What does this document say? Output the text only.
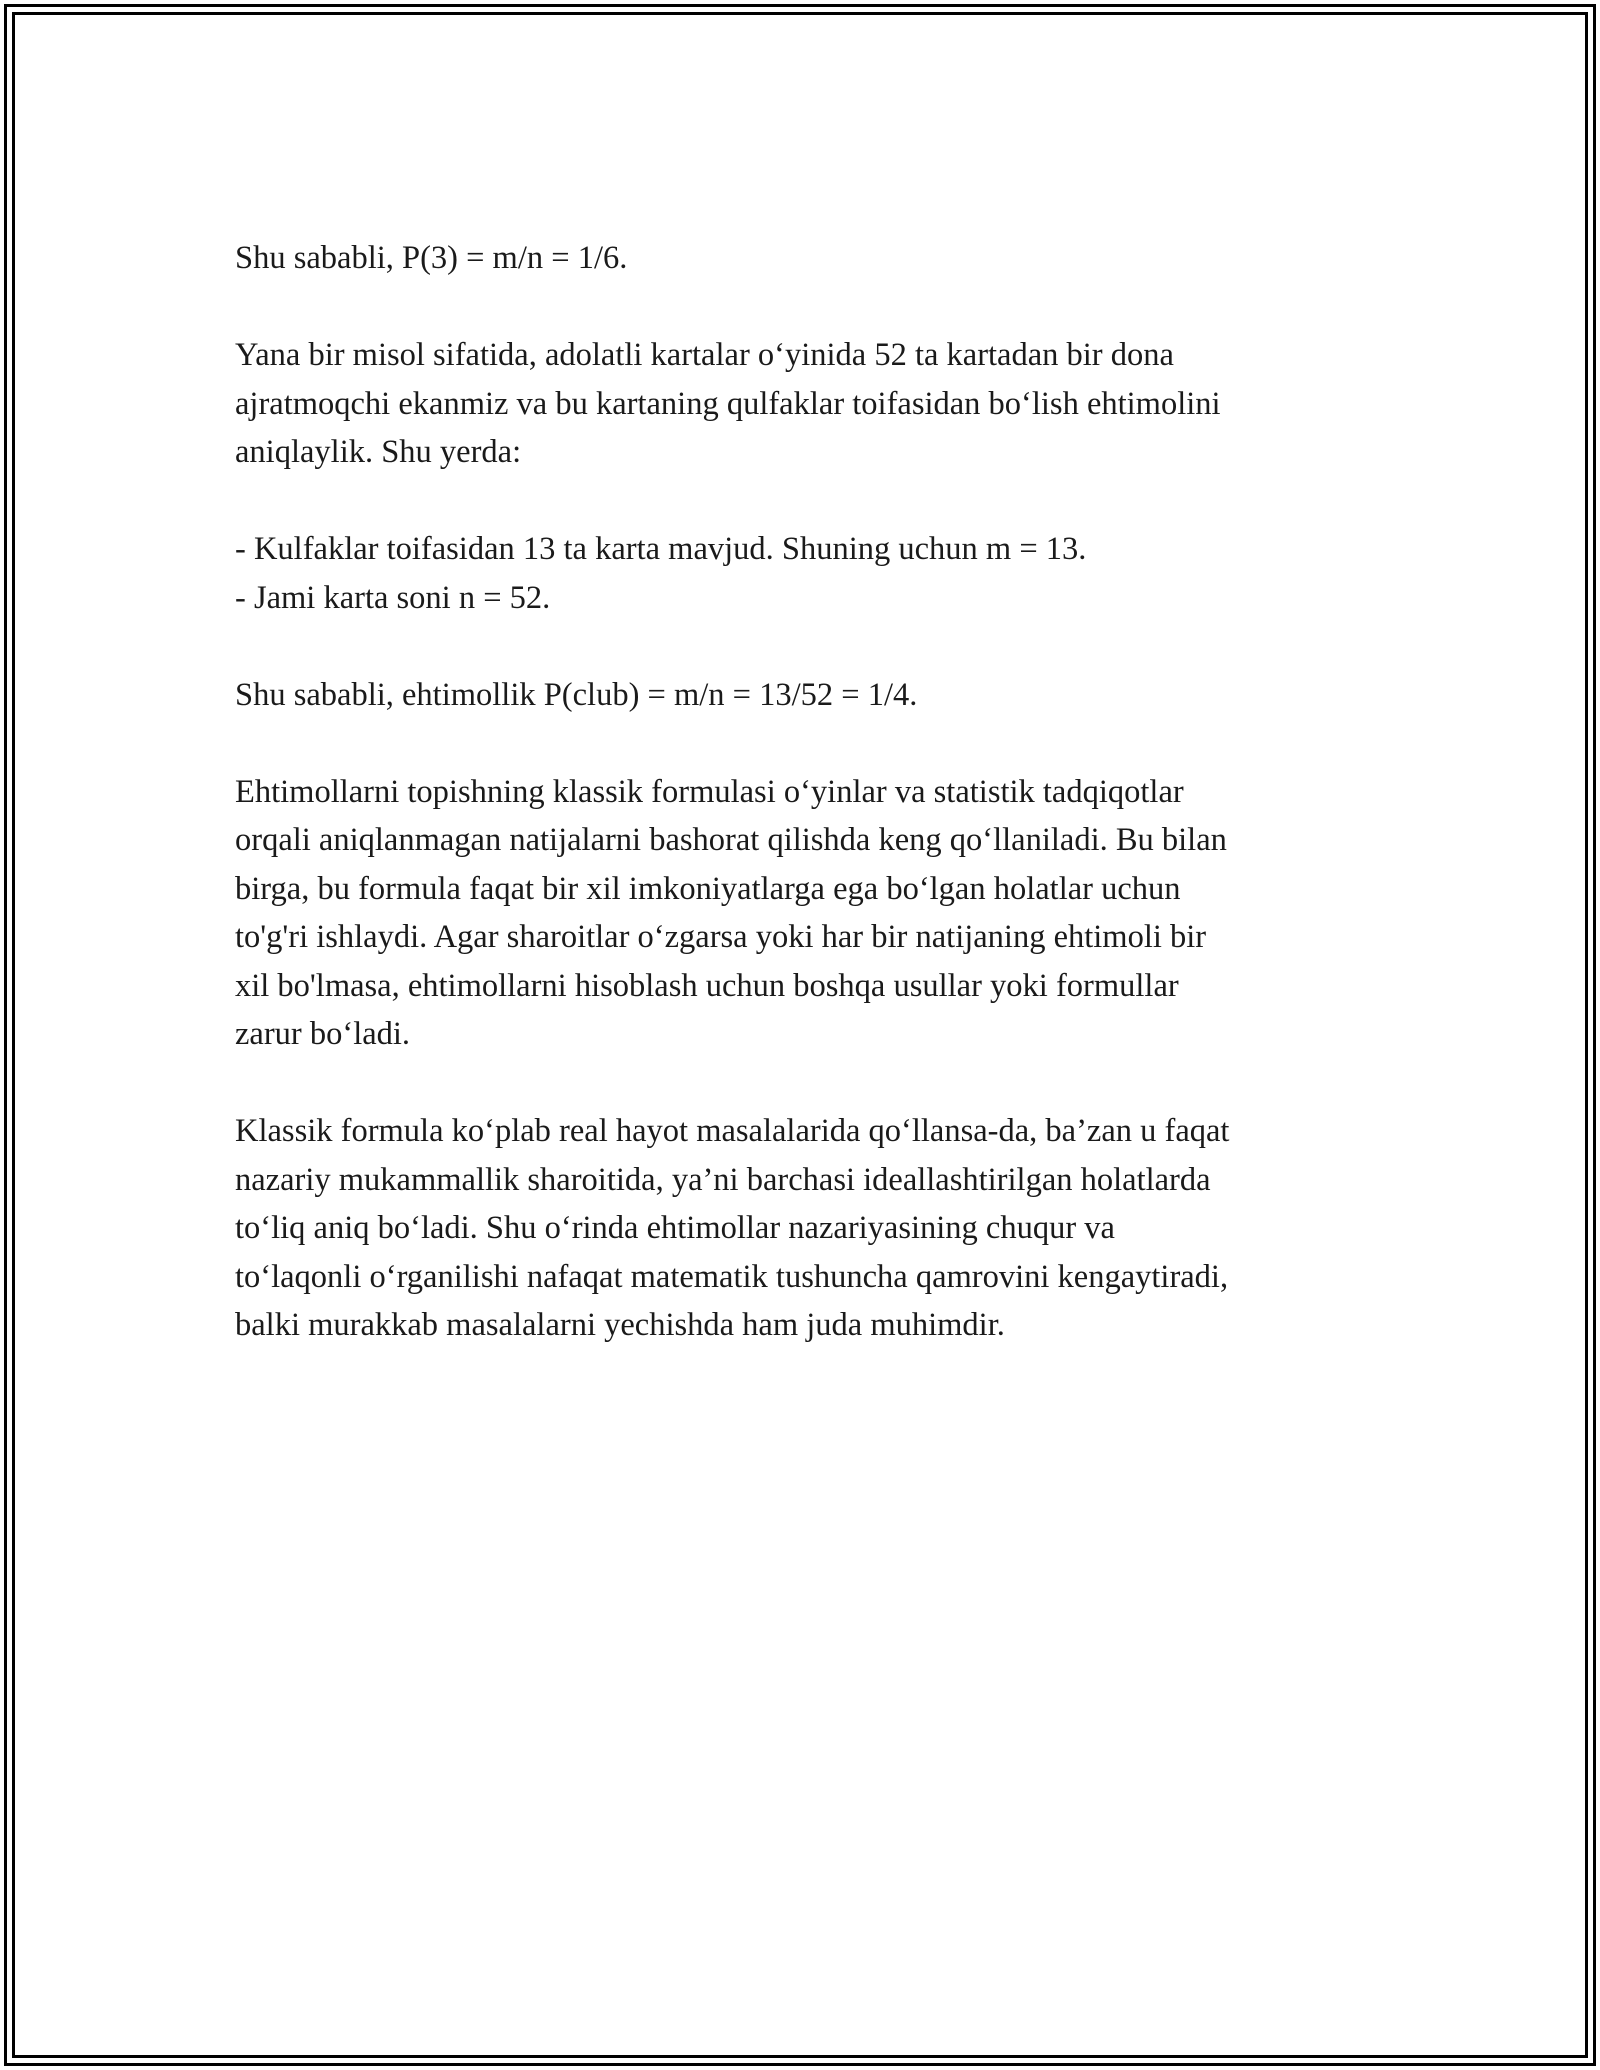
Shu sababli, P(3) = m/n = 1/6.

Yana bir misol sifatida, adolatli kartalar o‘yinida 52 ta kartadan bir dona
ajratmoqchi ekanmiz va bu kartaning qulfaklar toifasidan bo‘lish ehtimolini
aniqlaylik. Shu yerda:

- Kulfaklar toifasidan 13 ta karta mavjud. Shuning uchun m = 13.
- Jami karta soni n = 52.

Shu sababli, ehtimollik P(club) = m/n = 13/52 = 1/4.

Ehtimollarni topishning klassik formulasi o‘yinlar va statistik tadqiqotlar
orqali aniqlanmagan natijalarni bashorat qilishda keng qo‘llaniladi. Bu bilan
birga, bu formula faqat bir xil imkoniyatlarga ega bo‘lgan holatlar uchun
to'g'ri ishlaydi. Agar sharoitlar o‘zgarsa yoki har bir natijaning ehtimoli bir
xil bo'lmasa, ehtimollarni hisoblash uchun boshqa usullar yoki formullar
zarur bo‘ladi.

Klassik formula ko‘plab real hayot masalalarida qo‘llansa-da, ba’zan u faqat
nazariy mukammallik sharoitida, ya’ni barchasi ideallashtirilgan holatlarda
to‘liq aniq bo‘ladi. Shu o‘rinda ehtimollar nazariyasining chuqur va
to‘laqonli o‘rganilishi nafaqat matematik tushuncha qamrovini kengaytiradi,
balki murakkab masalalarni yechishda ham juda muhimdir.
